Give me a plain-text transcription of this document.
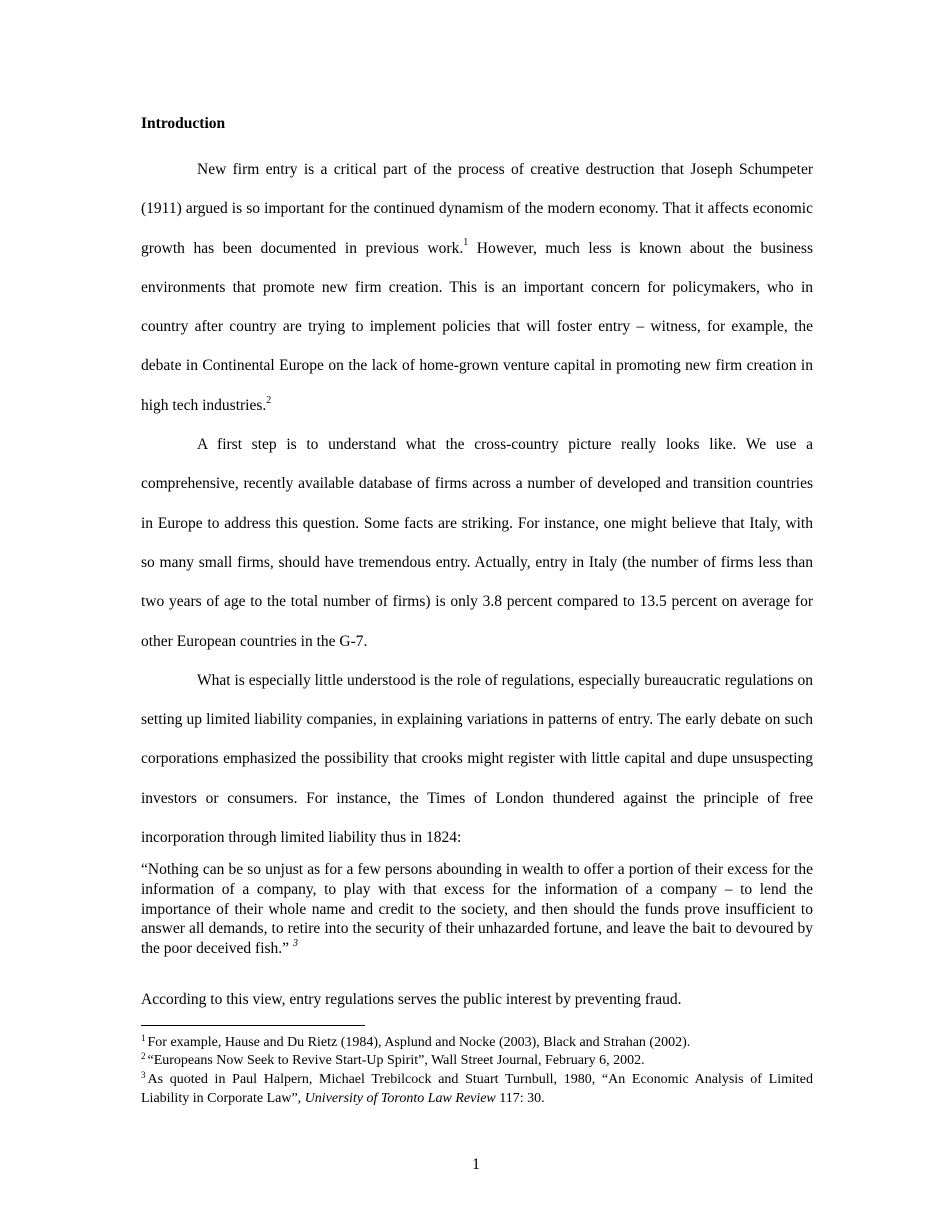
Introduction

New firm entry is a critical part of the process of creative destruction that Joseph Schumpeter (1911) argued is so important for the continued dynamism of the modern economy. That it affects economic growth has been documented in previous work.$^1$ However, much less is known about the business environments that promote new firm creation. This is an important concern for policymakers, who in country after country are trying to implement policies that will foster entry – witness, for example, the debate in Continental Europe on the lack of home-grown venture capital in promoting new firm creation in high tech industries.$^2$

A first step is to understand what the cross-country picture really looks like. We use a comprehensive, recently available database of firms across a number of developed and transition countries in Europe to address this question. Some facts are striking. For instance, one might believe that Italy, with so many small firms, should have tremendous entry. Actually, entry in Italy (the number of firms less than two years of age to the total number of firms) is only 3.8 percent compared to 13.5 percent on average for other European countries in the G-7.

What is especially little understood is the role of regulations, especially bureaucratic regulations on setting up limited liability companies, in explaining variations in patterns of entry. The early debate on such corporations emphasized the possibility that crooks might register with little capital and dupe unsuspecting investors or consumers. For instance, the Times of London thundered against the principle of free incorporation through limited liability thus in 1824:

“Nothing can be so unjust as for a few persons abounding in wealth to offer a portion of their excess for the information of a company, to play with that excess for the information of a company – to lend the importance of their whole name and credit to the society, and then should the funds prove insufficient to answer all demands, to retire into the security of their unhazarded fortune, and leave the bait to devoured by the poor deceived fish.” $^3$

According to this view, entry regulations serves the public interest by preventing fraud.

$^1$ For example, Hause and Du Rietz (1984), Asplund and Nocke (2003), Black and Strahan (2002).

$^2$ “Europeans Now Seek to Revive Start-Up Spirit”, Wall Street Journal, February 6, 2002.

$^3$ As quoted in Paul Halpern, Michael Trebilcock and Stuart Turnbull, 1980, “An Economic Analysis of Limited Liability in Corporate Law”, University of Toronto Law Review 117: 30.

1
